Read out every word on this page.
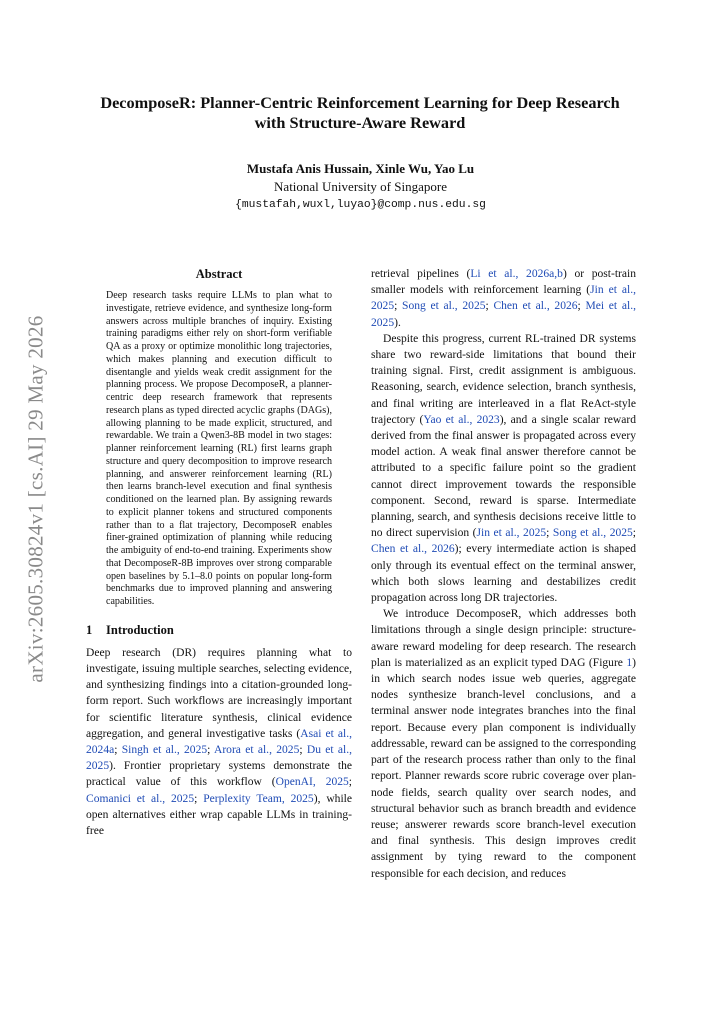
arXiv:2605.30824v1 [cs.AI] 29 May 2026
DecomposeR: Planner-Centric Reinforcement Learning for Deep Research
with Structure-Aware Reward
Mustafa Anis Hussain, Xinle Wu, Yao Lu
National University of Singapore
{mustafah,wuxl,luyao}@comp.nus.edu.sg
Abstract

Deep research tasks require LLMs to plan what to investigate, retrieve evidence, and synthesize long-form answers across multiple branches of inquiry. Existing training paradigms either rely on short-form verifiable QA as a proxy or optimize monolithic long trajectories, which makes planning and execution difficult to disentangle and yields weak credit assignment for the planning process. We propose DecomposeR, a planner-centric deep research framework that represents research plans as typed directed acyclic graphs (DAGs), allowing planning to be made explicit, structured, and rewardable. We train a Qwen3-8B model in two stages: planner reinforcement learning (RL) first learns graph structure and query decomposition to improve research planning, and answerer reinforcement learning (RL) then learns branch-level execution and final synthesis conditioned on the learned plan. By assigning rewards to explicit planner tokens and structured components rather than to a flat trajectory, DecomposeR enables finer-grained optimization of planning while reducing the ambiguity of end-to-end training. Experiments show that DecomposeR-8B improves over strong comparable open baselines by 5.1–8.0 points on popular long-form benchmarks due to improved planning and answering capabilities.

1 Introduction

Deep research (DR) requires planning what to investigate, issuing multiple searches, selecting evidence, and synthesizing findings into a citation-grounded long-form report. Such workflows are increasingly important for scientific literature synthesis, clinical evidence aggregation, and general investigative tasks (Asai et al., 2024a; Singh et al., 2025; Arora et al., 2025; Du et al., 2025). Frontier proprietary systems demonstrate the practical value of this workflow (OpenAI, 2025; Comanici et al., 2025; Perplexity Team, 2025), while open alternatives either wrap capable LLMs in training-free

retrieval pipelines (Li et al., 2026a,b) or post-train smaller models with reinforcement learning (Jin et al., 2025; Song et al., 2025; Chen et al., 2026; Mei et al., 2025).

Despite this progress, current RL-trained DR systems share two reward-side limitations that bound their training signal. First, credit assignment is ambiguous. Reasoning, search, evidence selection, branch synthesis, and final writing are interleaved in a flat ReAct-style trajectory (Yao et al., 2023), and a single scalar reward derived from the final answer is propagated across every model action. A weak final answer therefore cannot be attributed to a specific failure point so the gradient cannot direct improvement towards the responsible component. Second, reward is sparse. Intermediate planning, search, and synthesis decisions receive little to no direct supervision (Jin et al., 2025; Song et al., 2025; Chen et al., 2026); every intermediate action is shaped only through its eventual effect on the terminal answer, which both slows learning and destabilizes credit propagation across long DR trajectories.

We introduce DecomposeR, which addresses both limitations through a single design principle: structure-aware reward modeling for deep research. The research plan is materialized as an explicit typed DAG (Figure 1) in which search nodes issue web queries, aggregate nodes synthesize branch-level conclusions, and a terminal answer node integrates branches into the final report. Because every plan component is individually addressable, reward can be assigned to the corresponding part of the research process rather than only to the final report. Planner rewards score rubric coverage over plan-node fields, search quality over search nodes, and structural behavior such as branch breadth and evidence reuse; answerer rewards score branch-level execution and final synthesis. This design improves credit assignment by tying reward to the component responsible for each decision, and reduces
